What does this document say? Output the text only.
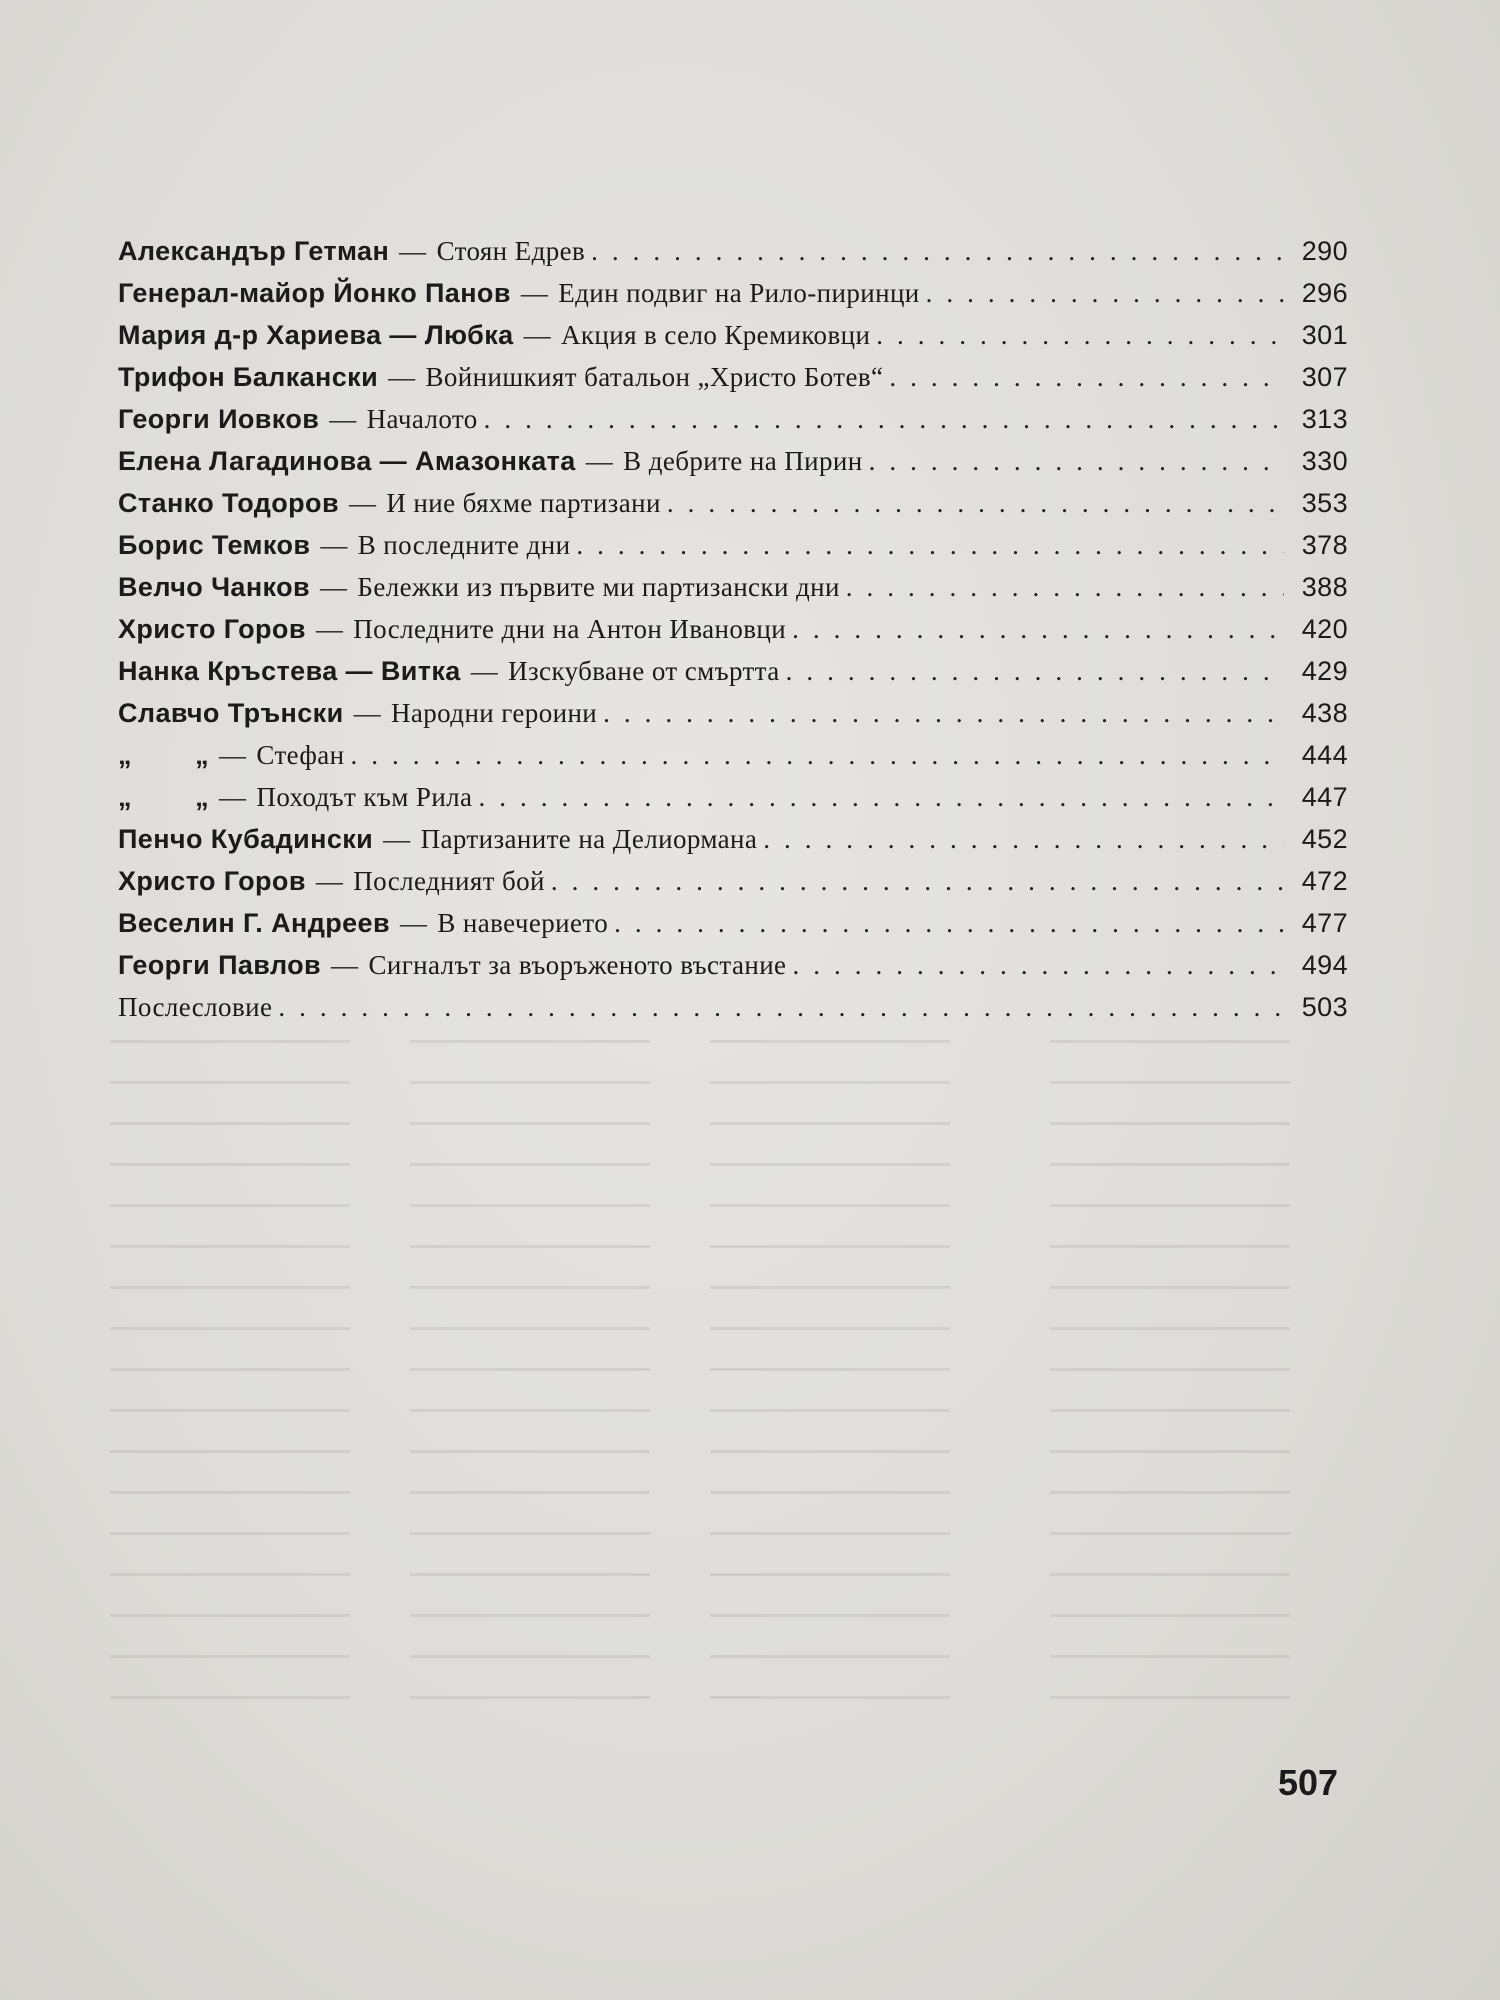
Александър Гетман — Стоян Едрев .....	290
Генерал-майор Йонко Панов — Един подвиг на Рило-пиринци .....	296
Мария д-р Хариева — Любка — Акция в село Кремиковци .....	301
Трифон Балкански — Войнишкият батальон „Христо Ботев“ .....	307
Георги Иовков — Началото .....	313
Елена Лагадинова — Амазонката — В дебрите на Пирин .....	330
Станко Тодоров — И ние бяхме партизани .....	353
Борис Темков — В последните дни .....	378
Велчо Чанков — Бележки из първите ми партизански дни .....	388
Христо Горов — Последните дни на Антон Ивановци .....	420
Нанка Кръстева — Витка — Изскубване от смъртта .....	429
Славчо Трънски — Народни героини .....	438
„        „ — Стефан .....	444
„        „ — Походът към Рила .....	447
Пенчо Кубадински — Партизаните на Делиормана .....	452
Христо Горов — Последният бой .....	472
Веселин Г. Андреев — В навечерието .....	477
Георги Павлов — Сигналът за въоръженото въстание .....	494
Послесловие .....	503
507
